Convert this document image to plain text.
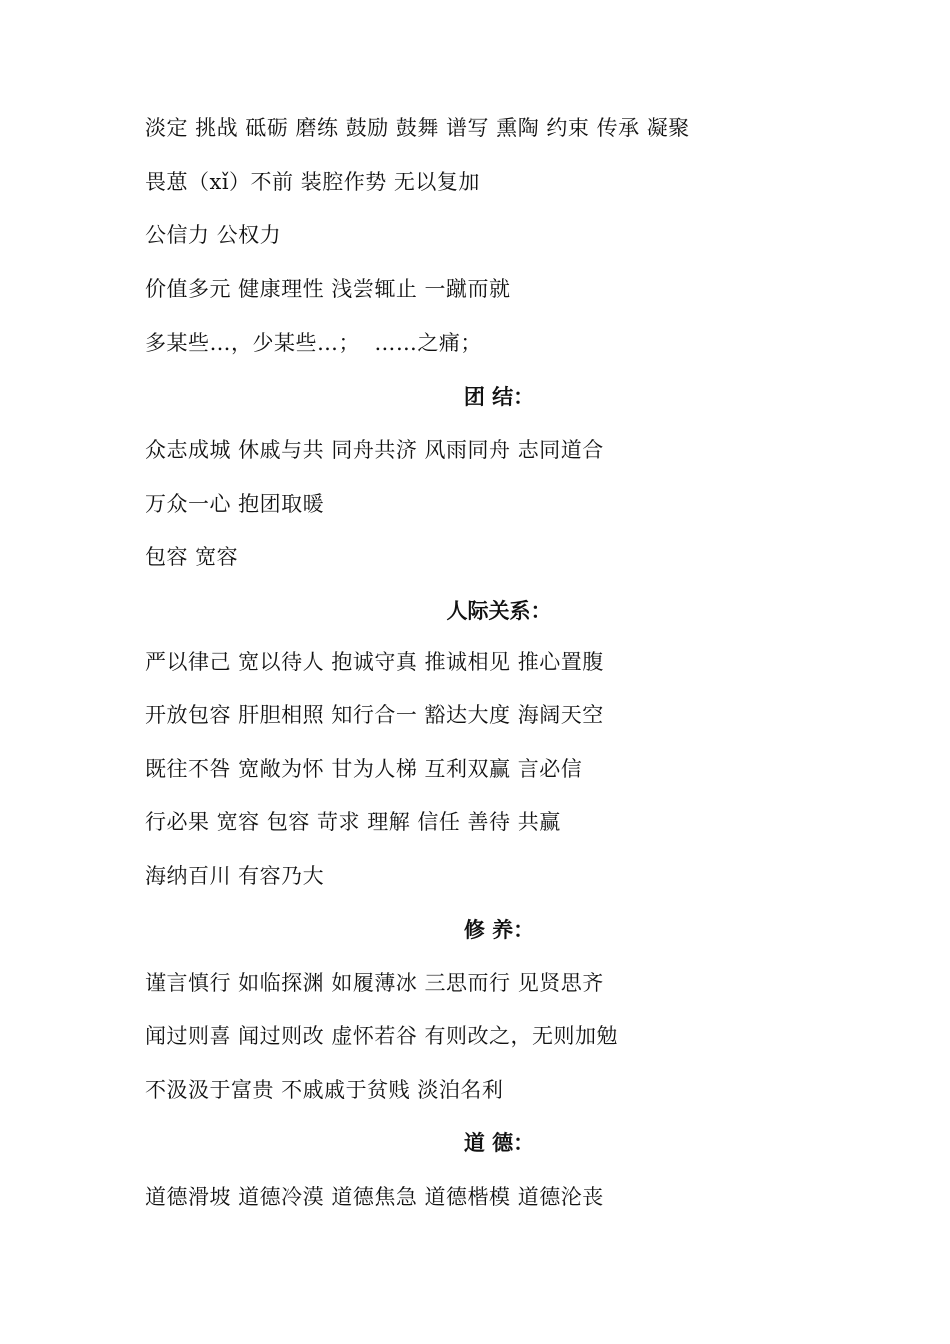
淡定 挑战 砥砺 磨练 鼓励 鼓舞 谱写 熏陶 约束 传承 凝聚
畏葸（xǐ）不前 装腔作势 无以复加
公信力 公权力
价值多元 健康理性 浅尝辄止 一蹴而就
多某些…，少某些…；  ……之痛；
团 结：
众志成城 休戚与共 同舟共济 风雨同舟 志同道合
万众一心 抱团取暖
包容 宽容
人际关系：
严以律己 宽以待人 抱诚守真 推诚相见 推心置腹
开放包容 肝胆相照 知行合一 豁达大度 海阔天空
既往不咎 宽敞为怀 甘为人梯 互利双赢 言必信
行必果 宽容 包容 苛求 理解 信任 善待 共赢
海纳百川 有容乃大
修 养：
谨言慎行 如临探渊 如履薄冰 三思而行 见贤思齐
闻过则喜 闻过则改 虚怀若谷 有则改之，无则加勉
不汲汲于富贵 不戚戚于贫贱 淡泊名利
道 德：
道德滑坡 道德冷漠 道德焦急 道德楷模 道德沦丧
